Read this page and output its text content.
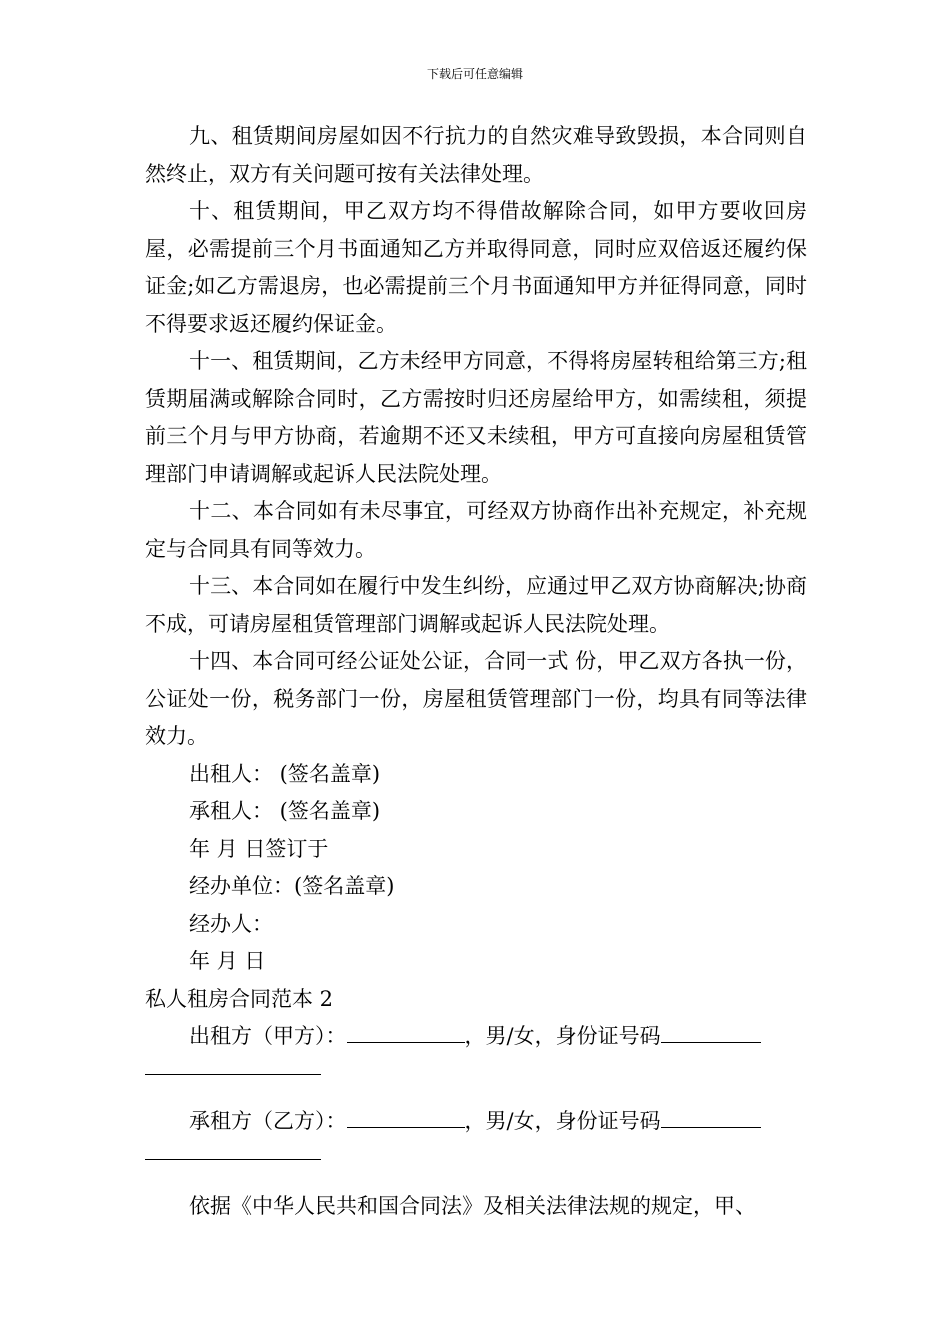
下载后可任意编辑

九、租赁期间房屋如因不行抗力的自然灾难导致毁损，本合同则自然终止，双方有关问题可按有关法律处理。

十、租赁期间，甲乙双方均不得借故解除合同，如甲方要收回房屋，必需提前三个月书面通知乙方并取得同意，同时应双倍返还履约保证金;如乙方需退房，也必需提前三个月书面通知甲方并征得同意，同时不得要求返还履约保证金。

十一、租赁期间，乙方未经甲方同意，不得将房屋转租给第三方;租赁期届满或解除合同时，乙方需按时归还房屋给甲方，如需续租，须提前三个月与甲方协商，若逾期不还又未续租，甲方可直接向房屋租赁管理部门申请调解或起诉人民法院处理。

十二、本合同如有未尽事宜，可经双方协商作出补充规定，补充规定与合同具有同等效力。

十三、本合同如在履行中发生纠纷，应通过甲乙双方协商解决;协商不成，可请房屋租赁管理部门调解或起诉人民法院处理。

十四、本合同可经公证处公证，合同一式 份，甲乙双方各执一份，公证处一份，税务部门一份，房屋租赁管理部门一份，均具有同等法律效力。

出租人： (签名盖章)

承租人： (签名盖章)

年 月 日签订于

经办单位：(签名盖章)

经办人：

年 月 日

私人租房合同范本 2

出租方（甲方）：	，男/女，身份证号码

承租方（乙方）：	，男/女，身份证号码

依据《中华人民共和国合同法》及相关法律法规的规定，甲、
